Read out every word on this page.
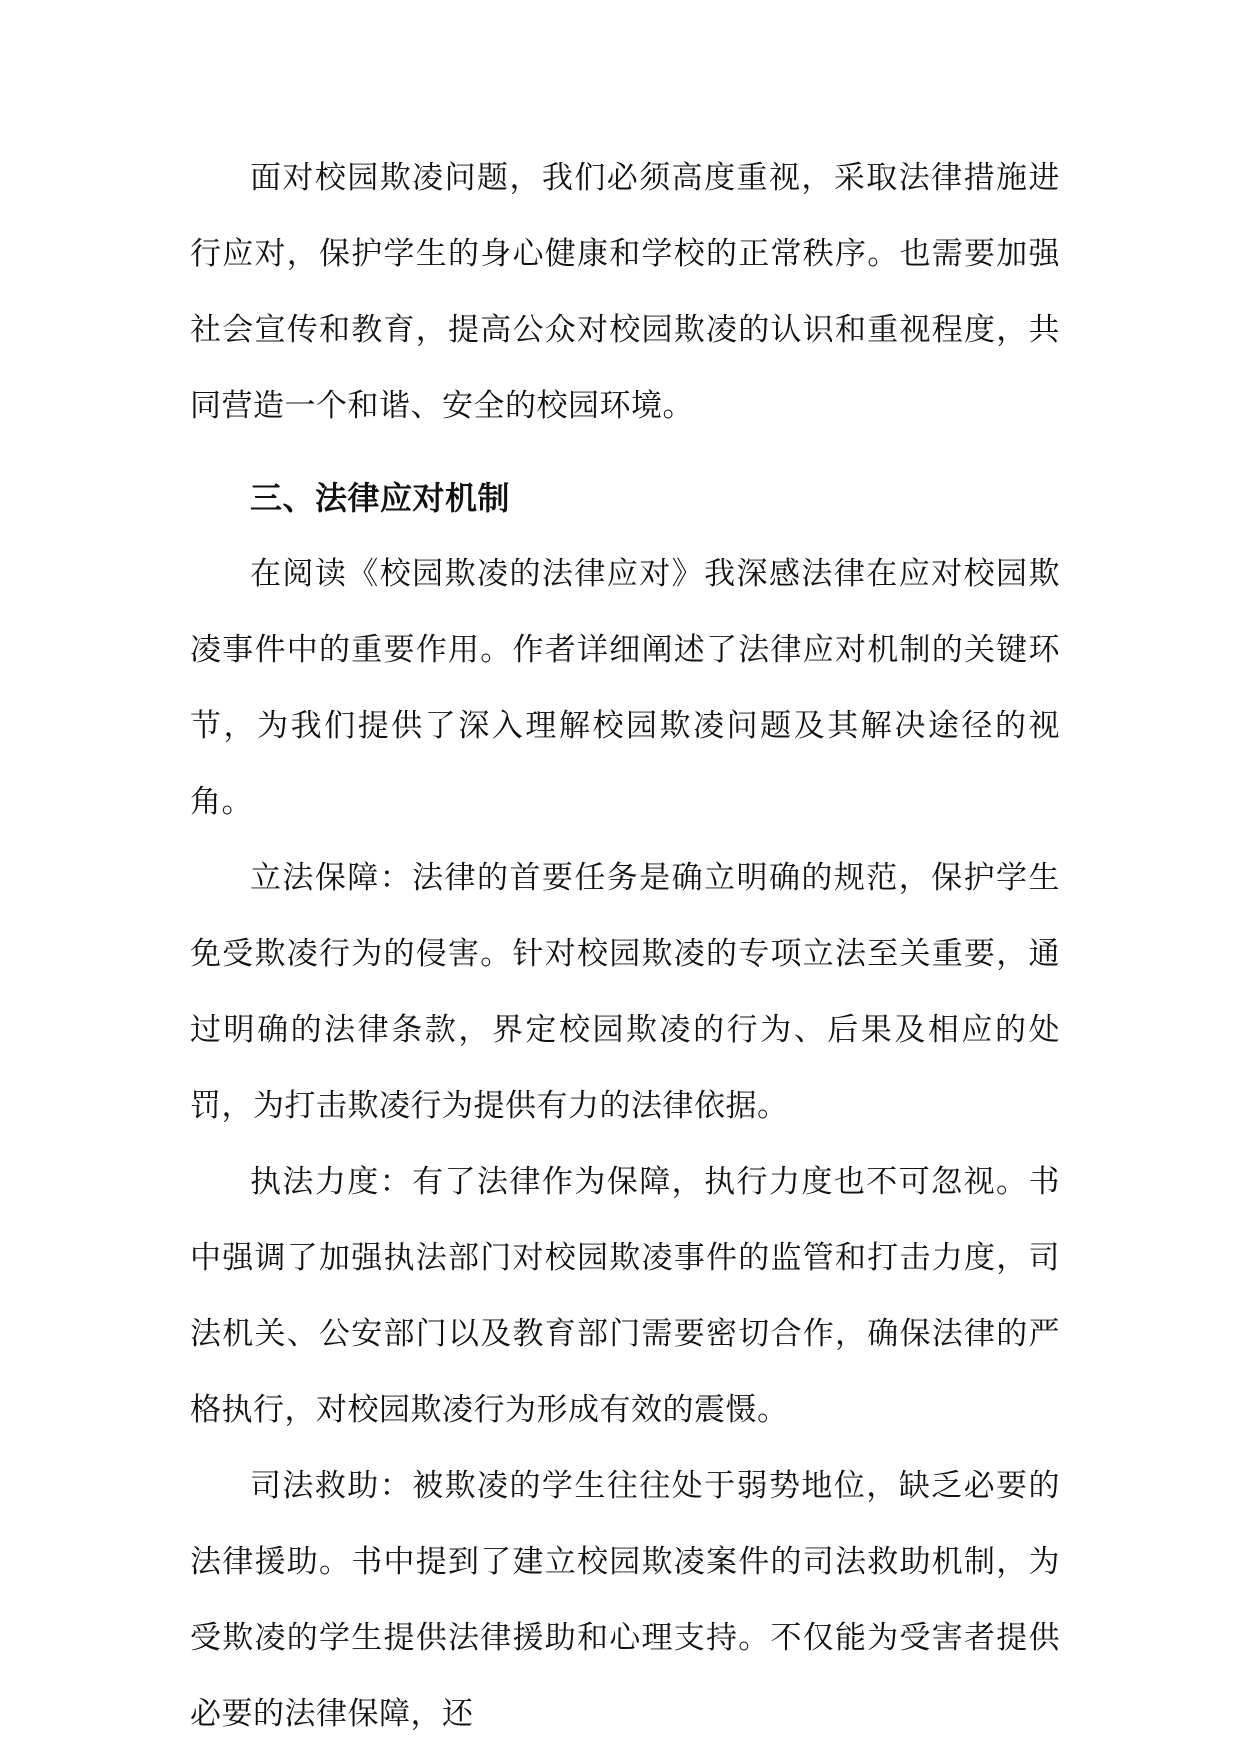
面对校园欺凌问题，我们必须高度重视，采取法律措施进行应对，保护学生的身心健康和学校的正常秩序。也需要加强社会宣传和教育，提高公众对校园欺凌的认识和重视程度，共同营造一个和谐、安全的校园环境。

三、法律应对机制

在阅读《校园欺凌的法律应对》我深感法律在应对校园欺凌事件中的重要作用。作者详细阐述了法律应对机制的关键环节，为我们提供了深入理解校园欺凌问题及其解决途径的视角。

立法保障：法律的首要任务是确立明确的规范，保护学生免受欺凌行为的侵害。针对校园欺凌的专项立法至关重要，通过明确的法律条款，界定校园欺凌的行为、后果及相应的处罚，为打击欺凌行为提供有力的法律依据。

执法力度：有了法律作为保障，执行力度也不可忽视。书中强调了加强执法部门对校园欺凌事件的监管和打击力度，司法机关、公安部门以及教育部门需要密切合作，确保法律的严格执行，对校园欺凌行为形成有效的震慑。

司法救助：被欺凌的学生往往处于弱势地位，缺乏必要的法律援助。书中提到了建立校园欺凌案件的司法救助机制，为受欺凌的学生提供法律援助和心理支持。不仅能为受害者提供必要的法律保障，还
